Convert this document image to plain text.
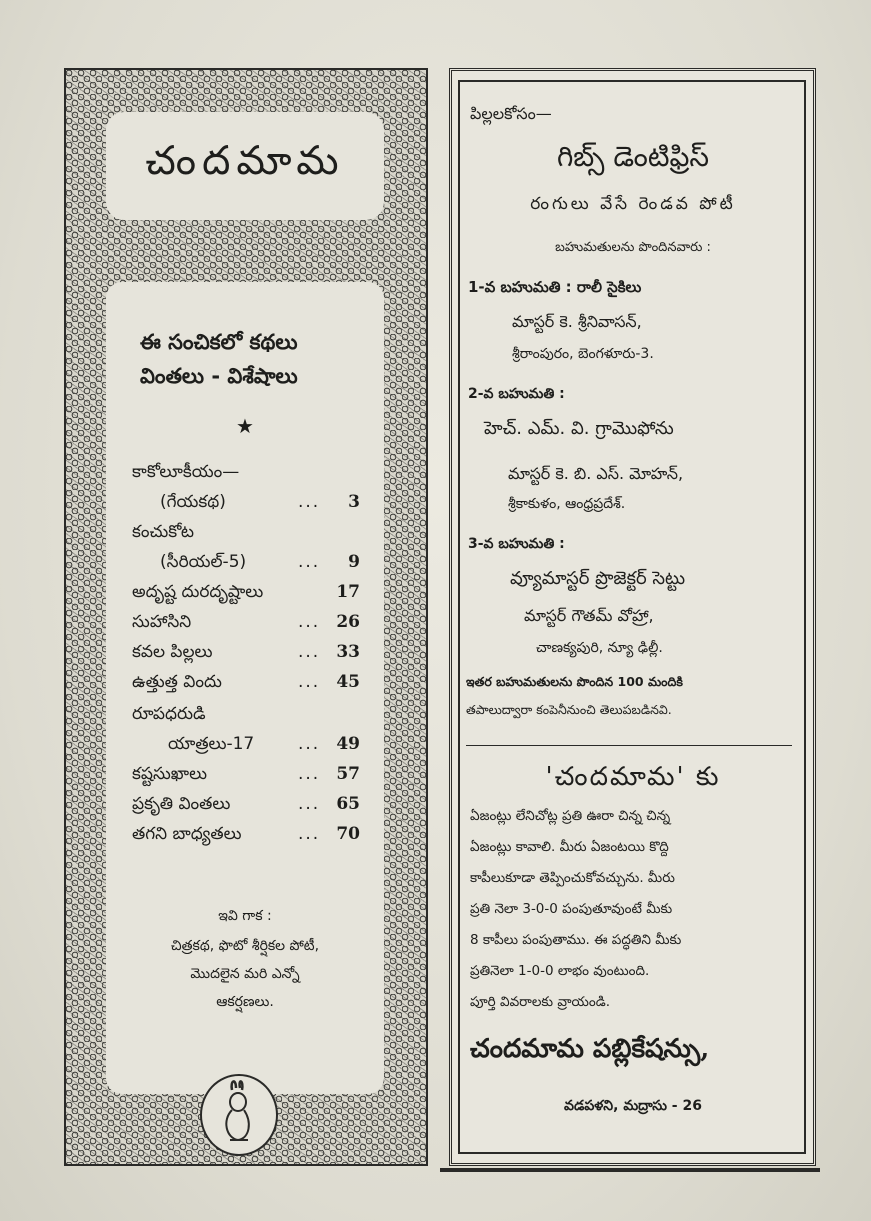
చందమామ
ఈ సంచికలో కథలు
వింతలు - విశేషాలు
★
కాకోలూకీయం—
(గేయకథ)	...	3
కంచుకోట
(సీరియల్-5)	...	9
అదృష్ట దురదృష్టాలు	17
సుహాసిని	... 26
కవల పిల్లలు	... 33
ఉత్తుత్త విందు	... 45
రూపధరుడి
యాత్రలు-17	... 49
కష్టసుఖాలు	... 57
ప్రకృతి వింతలు	... 65
తగని బాధ్యతలు	... 70
ఇవి గాక :
చిత్రకథ, ఫొటో శీర్షికల పోటీ,
మొదలైన మరి ఎన్నో
ఆకర్షణలు.
పిల్లలకోసం—
గిబ్స్ డెంటిఫ్రిస్
రంగులు వేసే రెండవ పోటీ
బహుమతులను పొందినవారు :
1-వ బహుమతి : రాలీ సైకిలు
మాస్టర్ కె. శ్రీనివాసన్,
శ్రీరాంపురం, బెంగళూరు-3.
2-వ బహుమతి :
హెచ్. ఎమ్. వి. గ్రామొఫోను
మాస్టర్ కె. బి. ఎస్. మోహన్,
శ్రీకాకుళం, ఆంధ్రప్రదేశ్.
3-వ బహుమతి :
వ్యూమాస్టర్ ప్రొజెక్టర్ సెట్టు
మాస్టర్ గౌతమ్ వోహ్రా,
చాణక్యపురి, న్యూ ఢిల్లీ.
ఇతర బహుమతులను పొందిన 100 మందికి
తపాలుద్వారా కంపెనీనుంచి తెలుపబడినవి.
'చందమామ' కు
ఏజంట్లు లేనిచోట్ల ప్రతి ఊరా చిన్న చిన్న
ఏజంట్లు కావాలి. మీరు ఏజంటయి కొద్ది
కాపీలుకూడా తెప్పించుకోవచ్చును. మీరు
ప్రతి నెలా 3-0-0 పంపుతూవుంటే మీకు
8 కాపీలు పంపుతాము. ఈ పద్ధతిని మీకు
ప్రతినెలా 1-0-0 లాభం వుంటుంది.
పూర్తి వివరాలకు వ్రాయండి.
చందమామ పబ్లికేషన్సు,
వడపళని, మద్రాసు - 26
